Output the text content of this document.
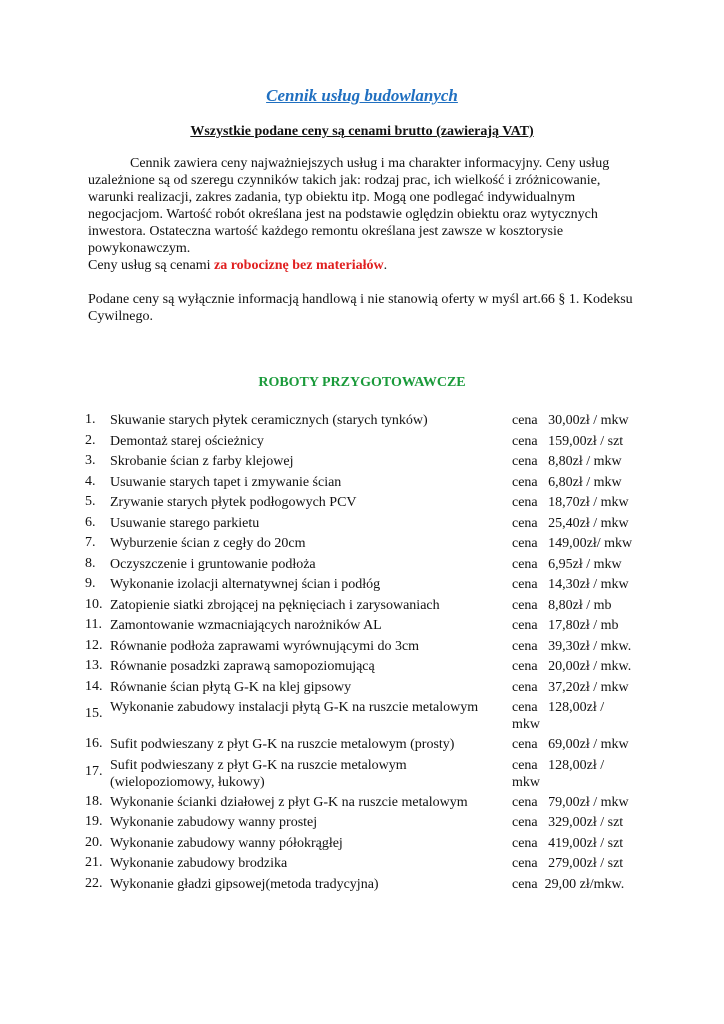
Cennik usług budowlanych
Wszystkie podane ceny są cenami brutto (zawierają VAT)

Cennik zawiera ceny najważniejszych usług i ma charakter informacyjny. Ceny usług uzależnione są od szeregu czynników takich jak: rodzaj prac, ich wielkość i zróżnicowanie, warunki realizacji, zakres zadania, typ obiektu itp. Mogą one podlegać indywidualnym negocjacjom. Wartość robót określana jest na podstawie oględzin obiektu oraz wytycznych inwestora. Ostateczna wartość każdego remontu określana jest zawsze w kosztorysie powykonawczym.

Ceny usług są cenami za robociznę bez materiałów.

Podane ceny są wyłącznie informacją handlową i nie stanowią oferty w myśl art.66 § 1. Kodeksu Cywilnego.

ROBOTY PRZYGOTOWAWCZE
1.	Skuwanie starych płytek ceramicznych (starych tynków)	cena   30,00zł / mkw
2.	Demontaż starej ościeżnicy	cena   159,00zł / szt
3.	Skrobanie ścian z farby klejowej	cena   8,80zł / mkw
4.	Usuwanie starych tapet i zmywanie ścian	cena   6,80zł / mkw
5.	Zrywanie starych płytek podłogowych PCV	cena   18,70zł / mkw
6.	Usuwanie starego parkietu	cena   25,40zł / mkw
7.	Wyburzenie ścian z cegły do 20cm	cena   149,00zł/ mkw
8.	Oczyszczenie i gruntowanie podłoża	cena   6,95zł / mkw
9.	Wykonanie izolacji alternatywnej ścian i podłóg	cena   14,30zł / mkw
10. Zatopienie siatki zbrojącej na pęknięciach i zarysowaniach	cena   8,80zł / mb
11. Zamontowanie wzmacniających narożników AL	cena   17,80zł / mb
12. Równanie podłoża zaprawami wyrównującymi do 3cm	cena   39,30zł / mkw.
13. Równanie posadzki zaprawą samopoziomującą	cena   20,00zł / mkw.
14. Równanie ścian płytą G-K na klej gipsowy	cena   37,20zł / mkw
15. Wykonanie zabudowy instalacji płytą G-K na ruszcie metalowym	cena   128,00zł /
mkw
16. Sufit podwieszany z płyt G-K na ruszcie metalowym (prosty)	cena   69,00zł / mkw
17. Sufit podwieszany z płyt G-K na ruszcie metalowym (wielopoziomowy, łukowy)
cena   128,00zł /
mkw
18. Wykonanie ścianki działowej z płyt G-K na ruszcie metalowym	cena   79,00zł / mkw
19. Wykonanie zabudowy wanny prostej	cena   329,00zł / szt
20. Wykonanie zabudowy wanny półokrągłej	cena   419,00zł / szt
21. Wykonanie zabudowy brodzika	cena   279,00zł / szt
22. Wykonanie gładzi gipsowej(metoda tradycyjna)	cena  29,00 zł/mkw.
